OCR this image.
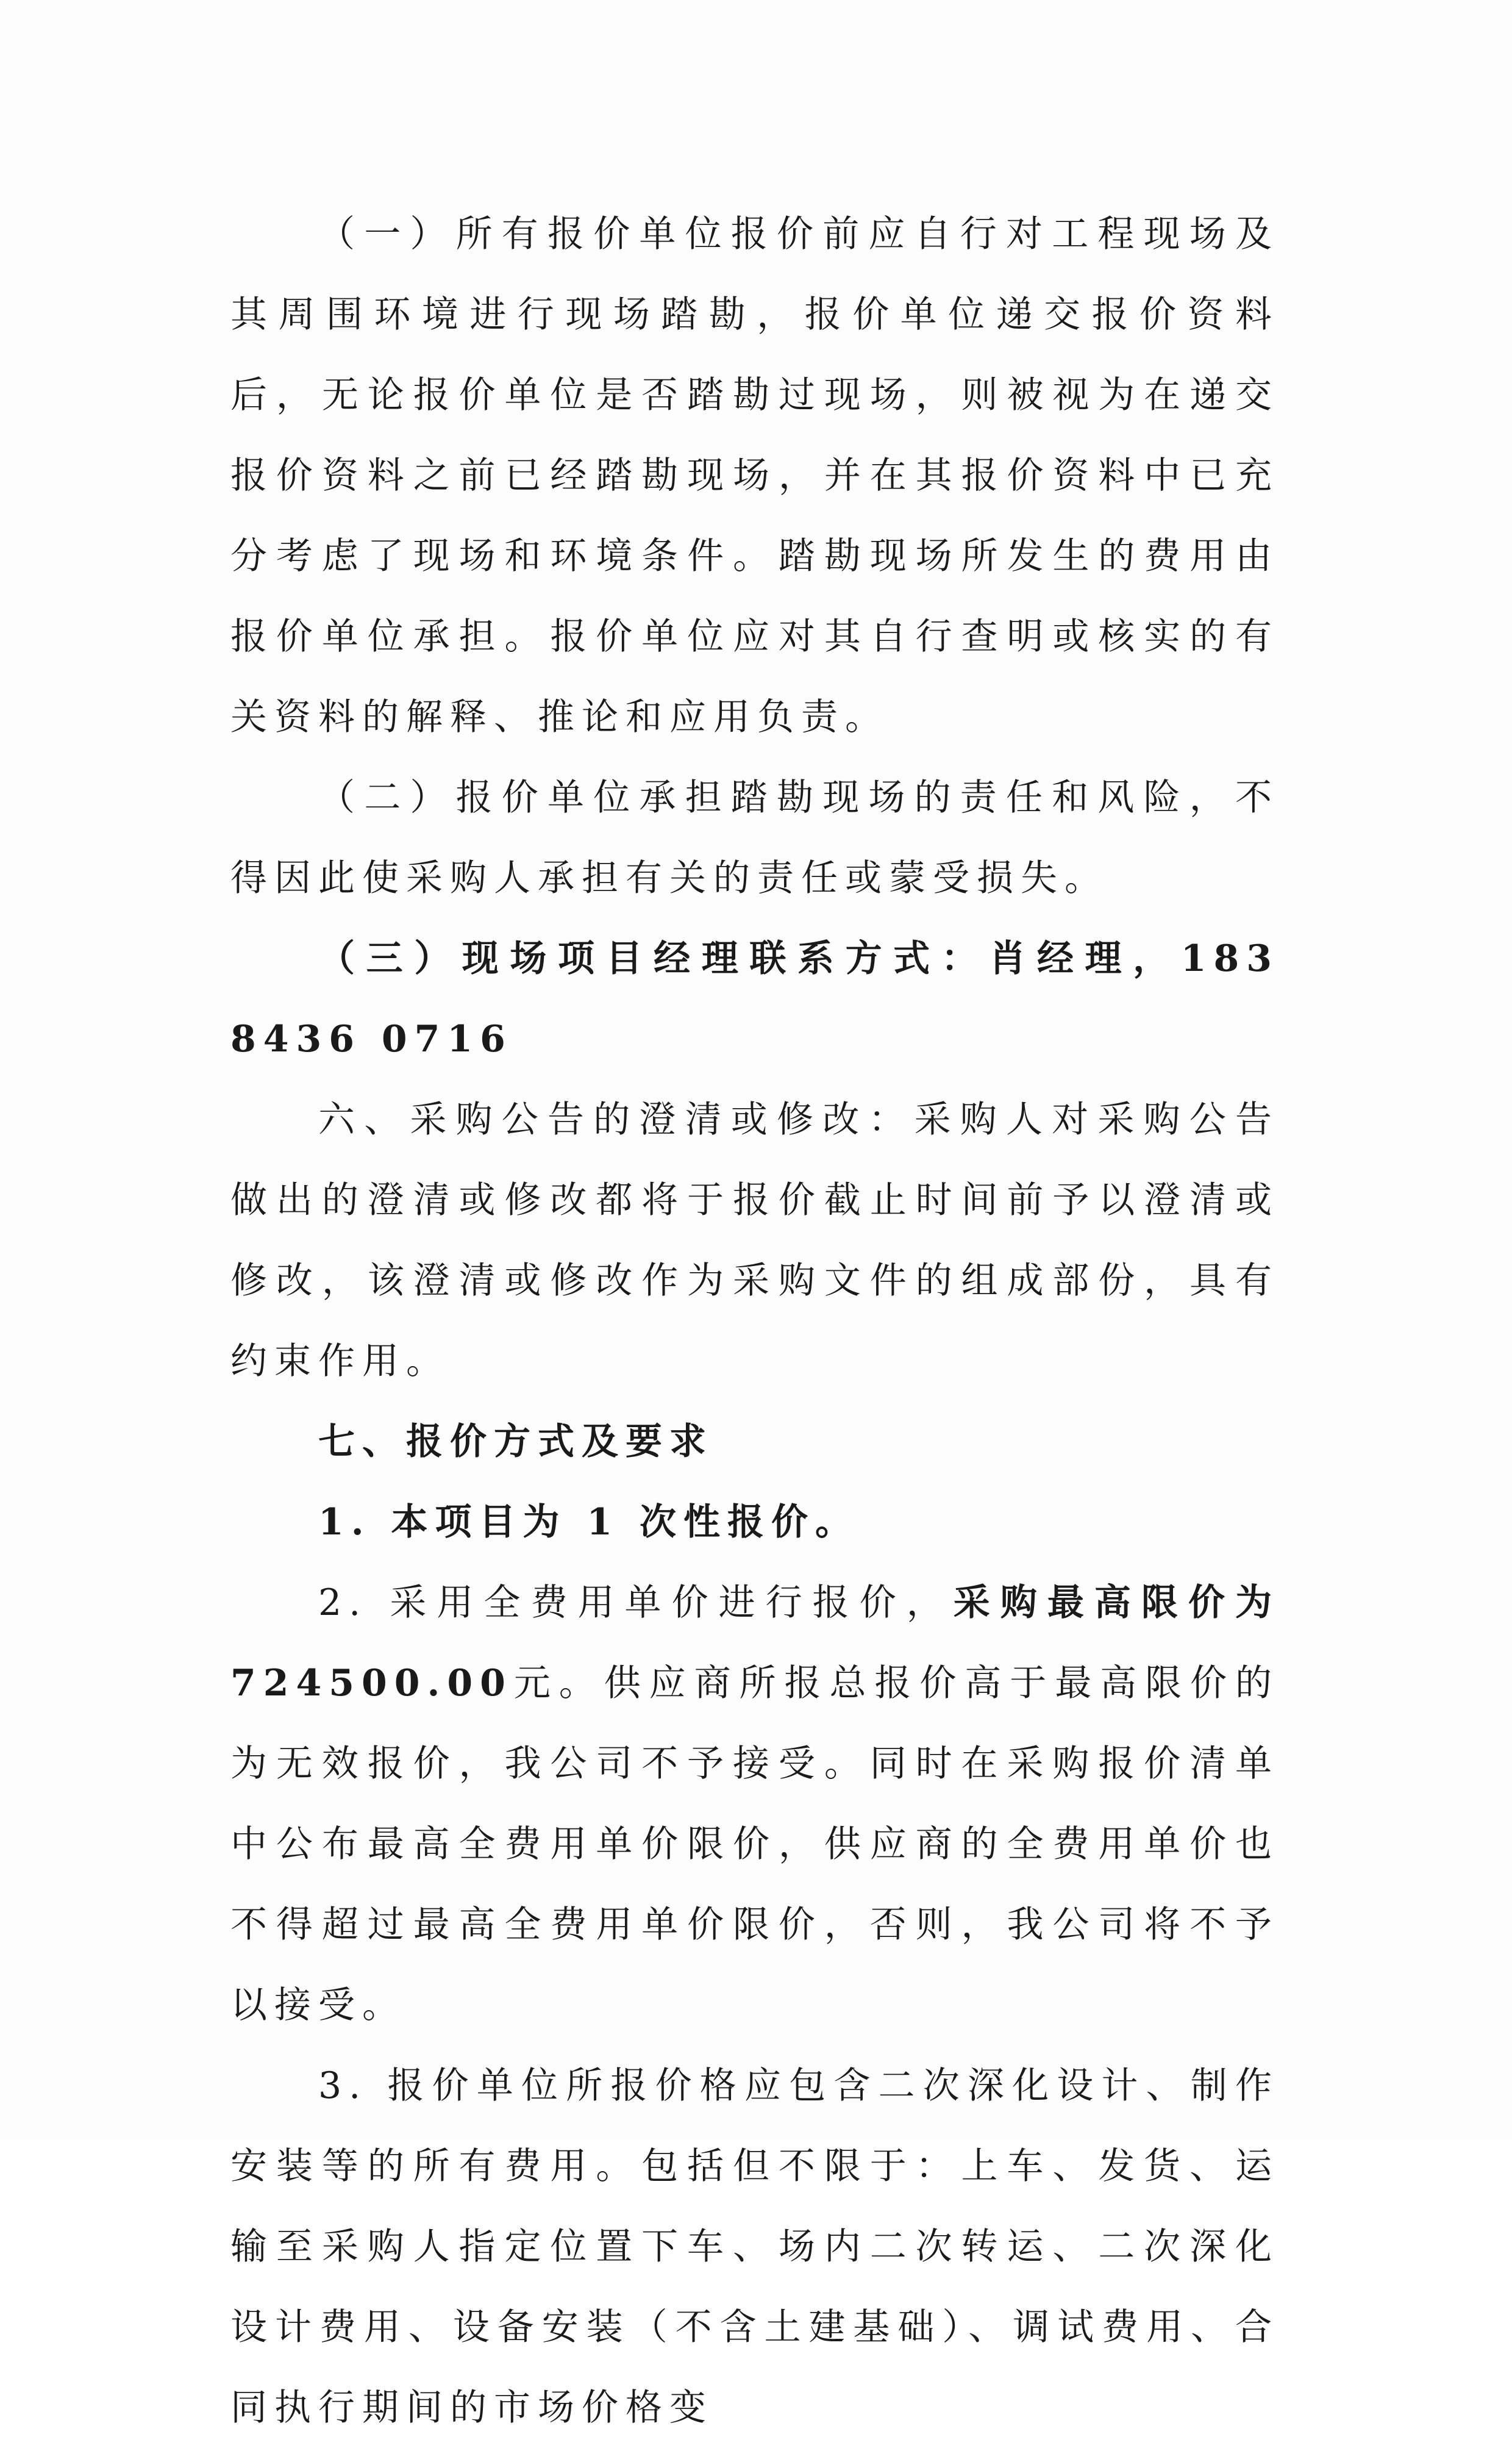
（一）所有报价单位报价前应自行对工程现场及其周围环境进行现场踏勘，报价单位递交报价资料后，无论报价单位是否踏勘过现场，则被视为在递交报价资料之前已经踏勘现场，并在其报价资料中已充分考虑了现场和环境条件。踏勘现场所发生的费用由报价单位承担。报价单位应对其自行查明或核实的有关资料的解释、推论和应用负责。

（二）报价单位承担踏勘现场的责任和风险，不得因此使采购人承担有关的责任或蒙受损失。

（三）现场项目经理联系方式：肖经理，183 8436 0716

六、采购公告的澄清或修改：采购人对采购公告做出的澄清或修改都将于报价截止时间前予以澄清或修改，该澄清或修改作为采购文件的组成部份，具有约束作用。

七、报价方式及要求

1. 本项目为 1 次性报价。

2. 采用全费用单价进行报价，采购最高限价为 724500.00元。供应商所报总报价高于最高限价的为无效报价，我公司不予接受。同时在采购报价清单中公布最高全费用单价限价，供应商的全费用单价也不得超过最高全费用单价限价，否则，我公司将不予以接受。

3. 报价单位所报价格应包含二次深化设计、制作安装等的所有费用。包括但不限于：上车、发货、运输至采购人指定位置下车、场内二次转运、二次深化设计费用、设备安装（不含土建基础）、调试费用、合同执行期间的市场价格变
